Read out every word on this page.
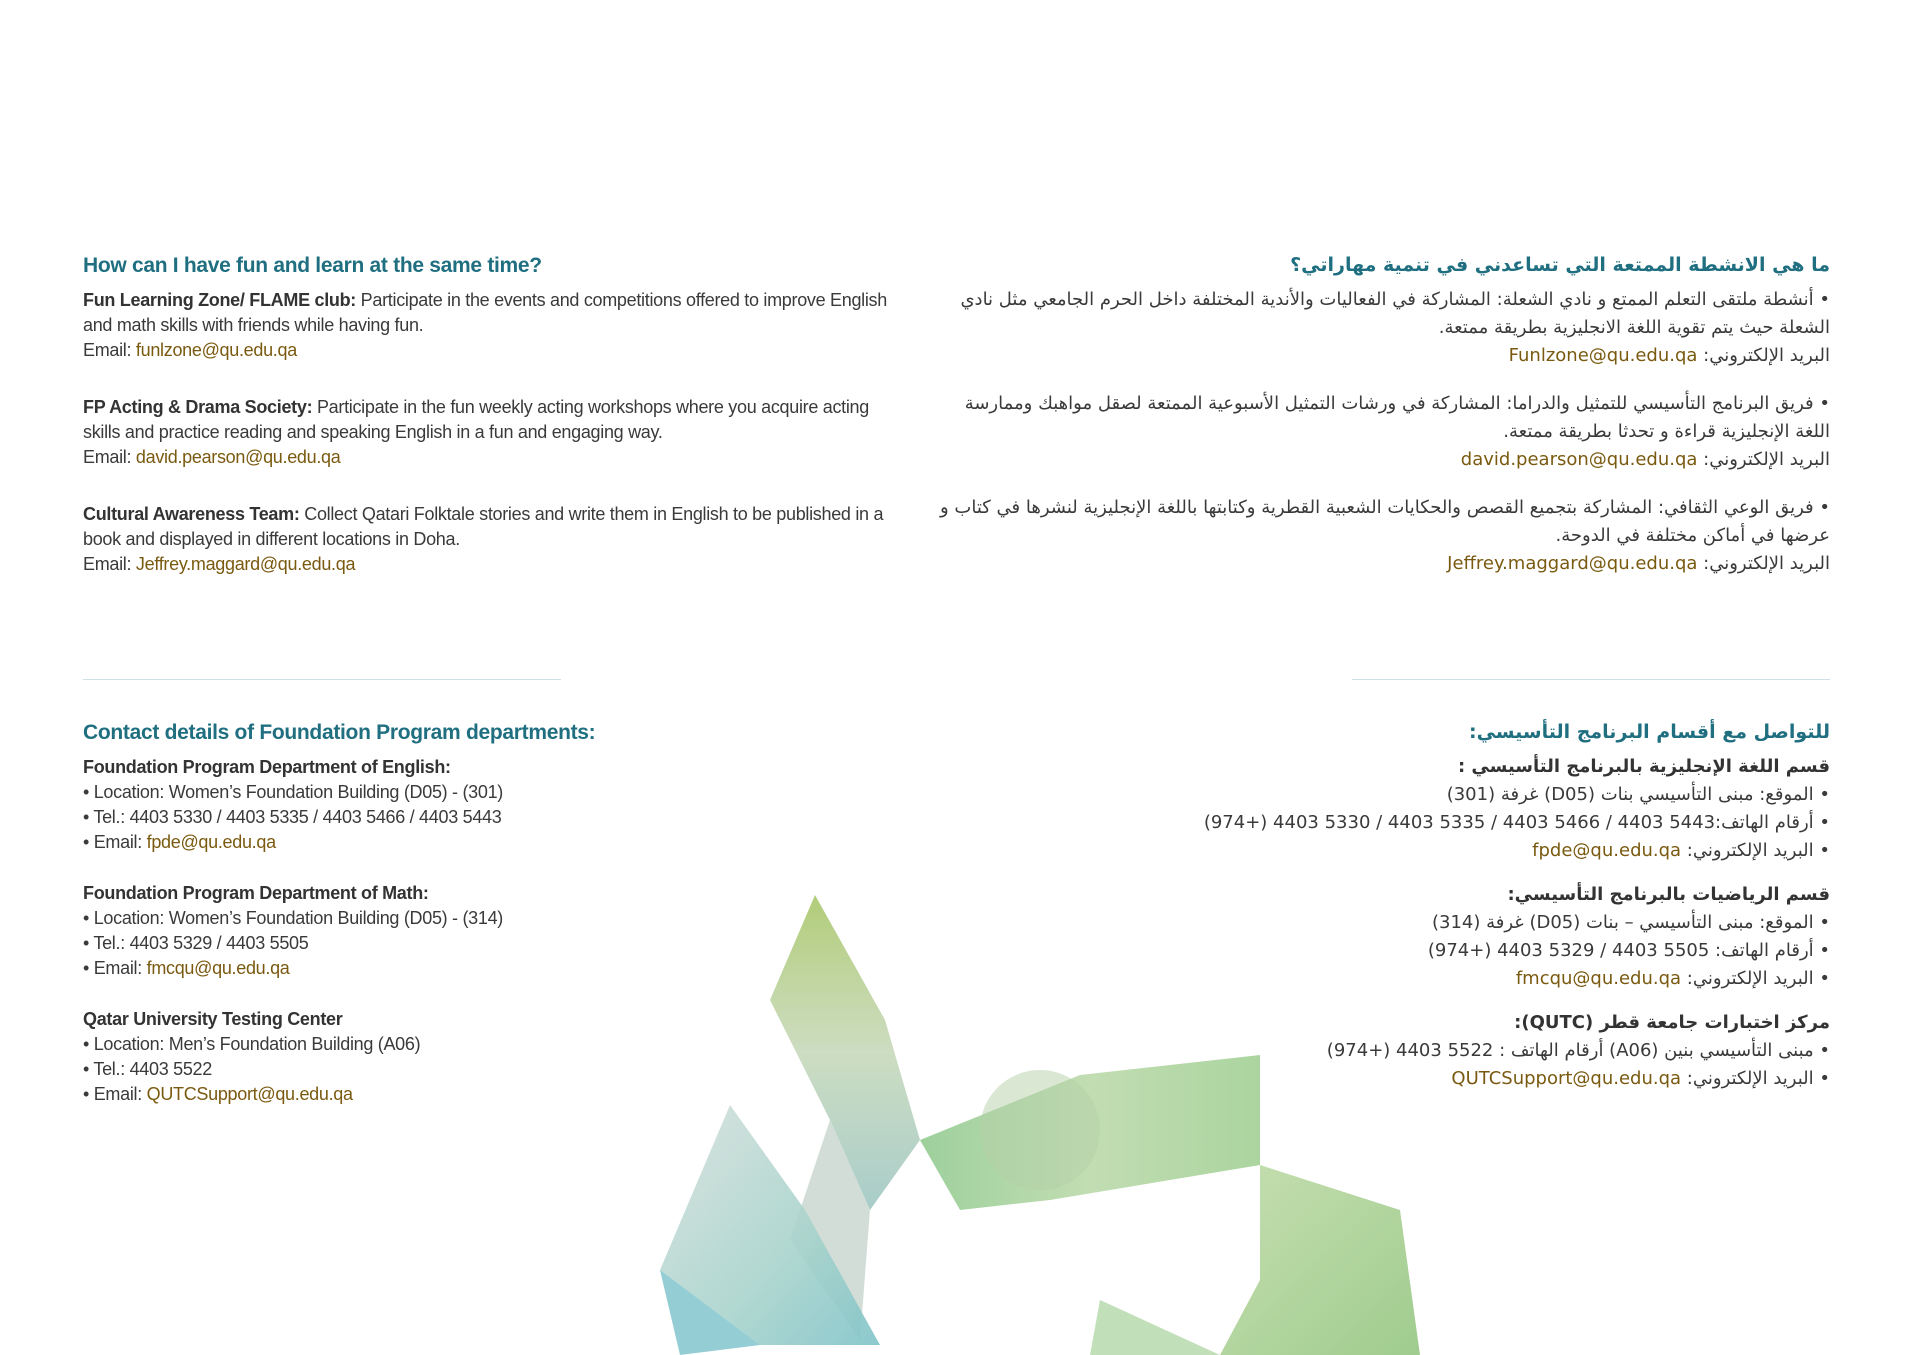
How can I have fun and learn at the same time?

Fun Learning Zone/ FLAME club: Participate in the events and competitions offered to improve English and math skills with friends while having fun.

Email: funlzone@qu.edu.qa

FP Acting & Drama Society: Participate in the fun weekly acting workshops where you acquire acting skills and practice reading and speaking English in a fun and engaging way.

Email: david.pearson@qu.edu.qa

Cultural Awareness Team: Collect Qatari Folktale stories and write them in English to be published in a book and displayed in different locations in Doha.

Email: Jeffrey.maggard@qu.edu.qa

ما هي الانشطة الممتعة التي تساعدني في تنمية مهاراتي؟

• أنشطة ملتقى التعلم الممتع و نادي الشعلة: المشاركة في الفعاليات والأندية المختلفة داخل الحرم الجامعي مثل نادي الشعلة حيث يتم تقوية اللغة الانجليزية بطريقة ممتعة.

البريد الإلكتروني: Funlzone@qu.edu.qa

• فريق البرنامج التأسيسي للتمثيل والدراما: المشاركة في ورشات التمثيل الأسبوعية الممتعة لصقل مواهبك وممارسة اللغة الإنجليزية قراءة و تحدثا بطريقة ممتعة.

البريد الإلكتروني: david.pearson@qu.edu.qa

• فريق الوعي الثقافي: المشاركة بتجميع القصص والحكايات الشعبية القطرية وكتابتها باللغة الإنجليزية لنشرها في كتاب و عرضها في أماكن مختلفة في الدوحة.

البريد الإلكتروني: Jeffrey.maggard@qu.edu.qa

Contact details of Foundation Program departments:

Foundation Program Department of English:

• Location: Women’s Foundation Building (D05) - (301)

• Tel.: 4403 5330 / 4403 5335 / 4403 5466 / 4403 5443

• Email: fpde@qu.edu.qa

Foundation Program Department of Math:

• Location: Women’s Foundation Building (D05) - (314)

• Tel.: 4403 5329 / 4403 5505

• Email: fmcqu@qu.edu.qa

Qatar University Testing Center

• Location: Men’s Foundation Building (A06)

• Tel.: 4403 5522

• Email: QUTCSupport@qu.edu.qa

للتواصل مع أقسام البرنامج التأسيسي:

قسم اللغة الإنجليزية بالبرنامج التأسيسي :

• الموقع: مبنى التأسيسي بنات (D05) غرفة (301)

• أرقام الهاتف:5443 4403 / 5466 4403 / 5335 4403 / 5330 4403 (+974)

• البريد الإلكتروني: fpde@qu.edu.qa

قسم الرياضيات بالبرنامج التأسيسي:

• الموقع: مبنى التأسيسي – بنات (D05) غرفة (314)

• أرقام الهاتف: 5505 4403 / 5329 4403 (+974)

• البريد الإلكتروني: fmcqu@qu.edu.qa

مركز اختبارات جامعة قطر (QUTC):

• مبنى التأسيسي بنين (A06) أرقام الهاتف : 5522 4403 (+974)

• البريد الإلكتروني: QUTCSupport@qu.edu.qa
